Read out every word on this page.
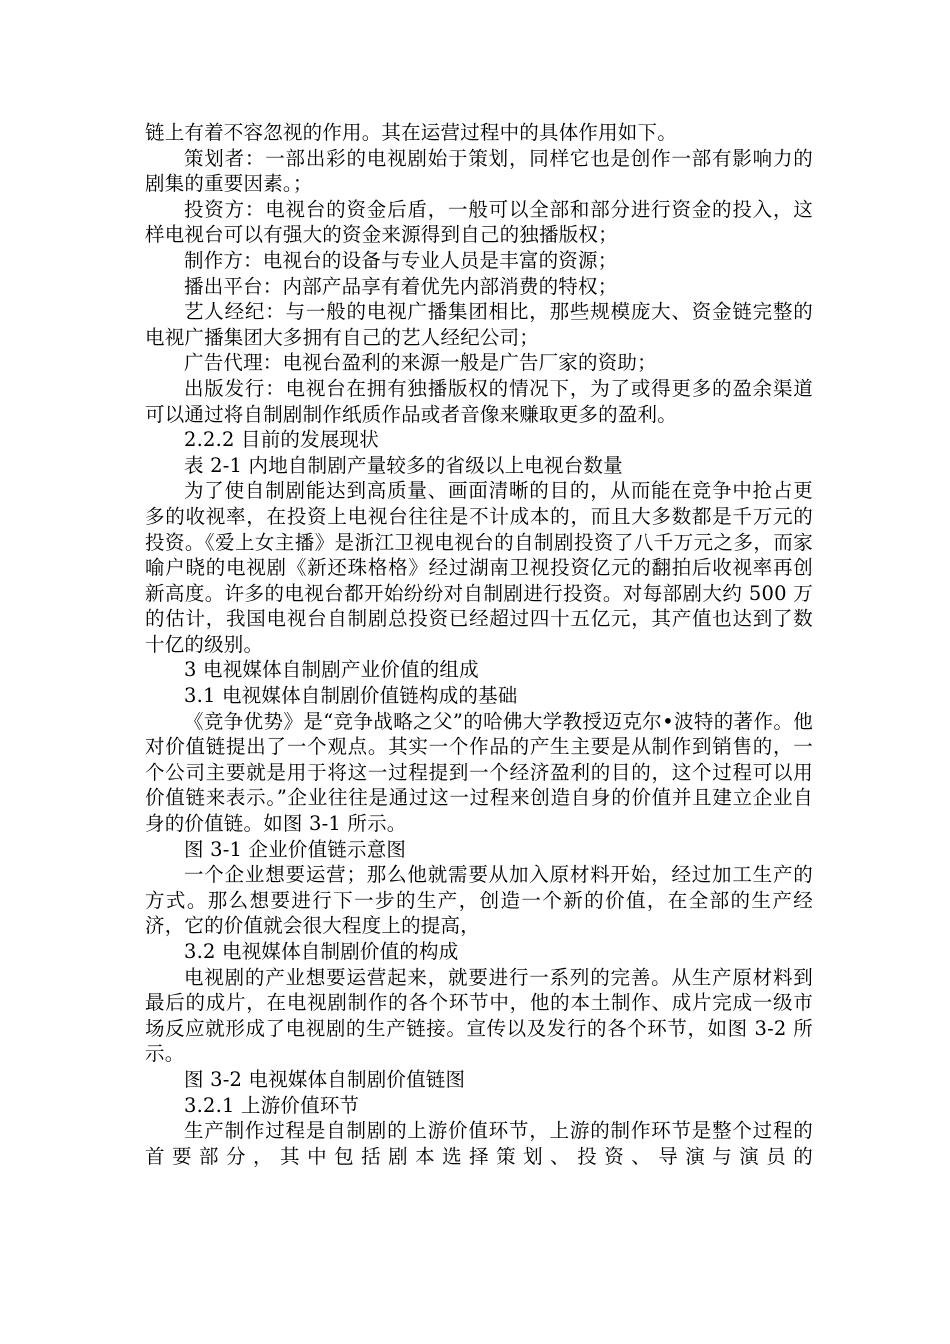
链上有着不容忽视的作用。其在运营过程中的具体作用如下。

策划者：一部出彩的电视剧始于策划，同样它也是创作一部有影响力的剧集的重要因素。；

投资方：电视台的资金后盾，一般可以全部和部分进行资金的投入，这样电视台可以有强大的资金来源得到自己的独播版权；

制作方：电视台的设备与专业人员是丰富的资源；

播出平台：内部产品享有着优先内部消费的特权；

艺人经纪：与一般的电视广播集团相比，那些规模庞大、资金链完整的电视广播集团大多拥有自己的艺人经纪公司；

广告代理：电视台盈利的来源一般是广告厂家的资助；

出版发行：电视台在拥有独播版权的情况下，为了或得更多的盈余渠道可以通过将自制剧制作纸质作品或者音像来赚取更多的盈利。

2.2.2 目前的发展现状

表 2-1 内地自制剧产量较多的省级以上电视台数量

为了使自制剧能达到高质量、画面清晰的目的，从而能在竞争中抢占更多的收视率，在投资上电视台往往是不计成本的，而且大多数都是千万元的投资。《爱上女主播》是浙江卫视电视台的自制剧投资了八千万元之多，而家喻户晓的电视剧《新还珠格格》经过湖南卫视投资亿元的翻拍后收视率再创新高度。许多的电视台都开始纷纷对自制剧进行投资。对每部剧大约 500 万的估计，我国电视台自制剧总投资已经超过四十五亿元，其产值也达到了数十亿的级别。

3 电视媒体自制剧产业价值的组成

3.1 电视媒体自制剧价值链构成的基础

《竞争优势》是“竞争战略之父”的哈佛大学教授迈克尔•波特的著作。他对价值链提出了一个观点。其实一个作品的产生主要是从制作到销售的，一个公司主要就是用于将这一过程提到一个经济盈利的目的，这个过程可以用价值链来表示。”企业往往是通过这一过程来创造自身的价值并且建立企业自身的价值链。如图 3-1 所示。

图 3-1 企业价值链示意图

一个企业想要运营；那么他就需要从加入原材料开始，经过加工生产的方式。那么想要进行下一步的生产，创造一个新的价值，在全部的生产经济，它的价值就会很大程度上的提高，

3.2 电视媒体自制剧价值的构成

电视剧的产业想要运营起来，就要进行一系列的完善。从生产原材料到最后的成片，在电视剧制作的各个环节中，他的本土制作、成片完成一级市场反应就形成了电视剧的生产链接。宣传以及发行的各个环节，如图 3-2 所示。

图 3-2 电视媒体自制剧价值链图

3.2.1 上游价值环节

生产制作过程是自制剧的上游价值环节，上游的制作环节是整个过程的首要部分，其中包括剧本选择策划、投资、导演与演员的
